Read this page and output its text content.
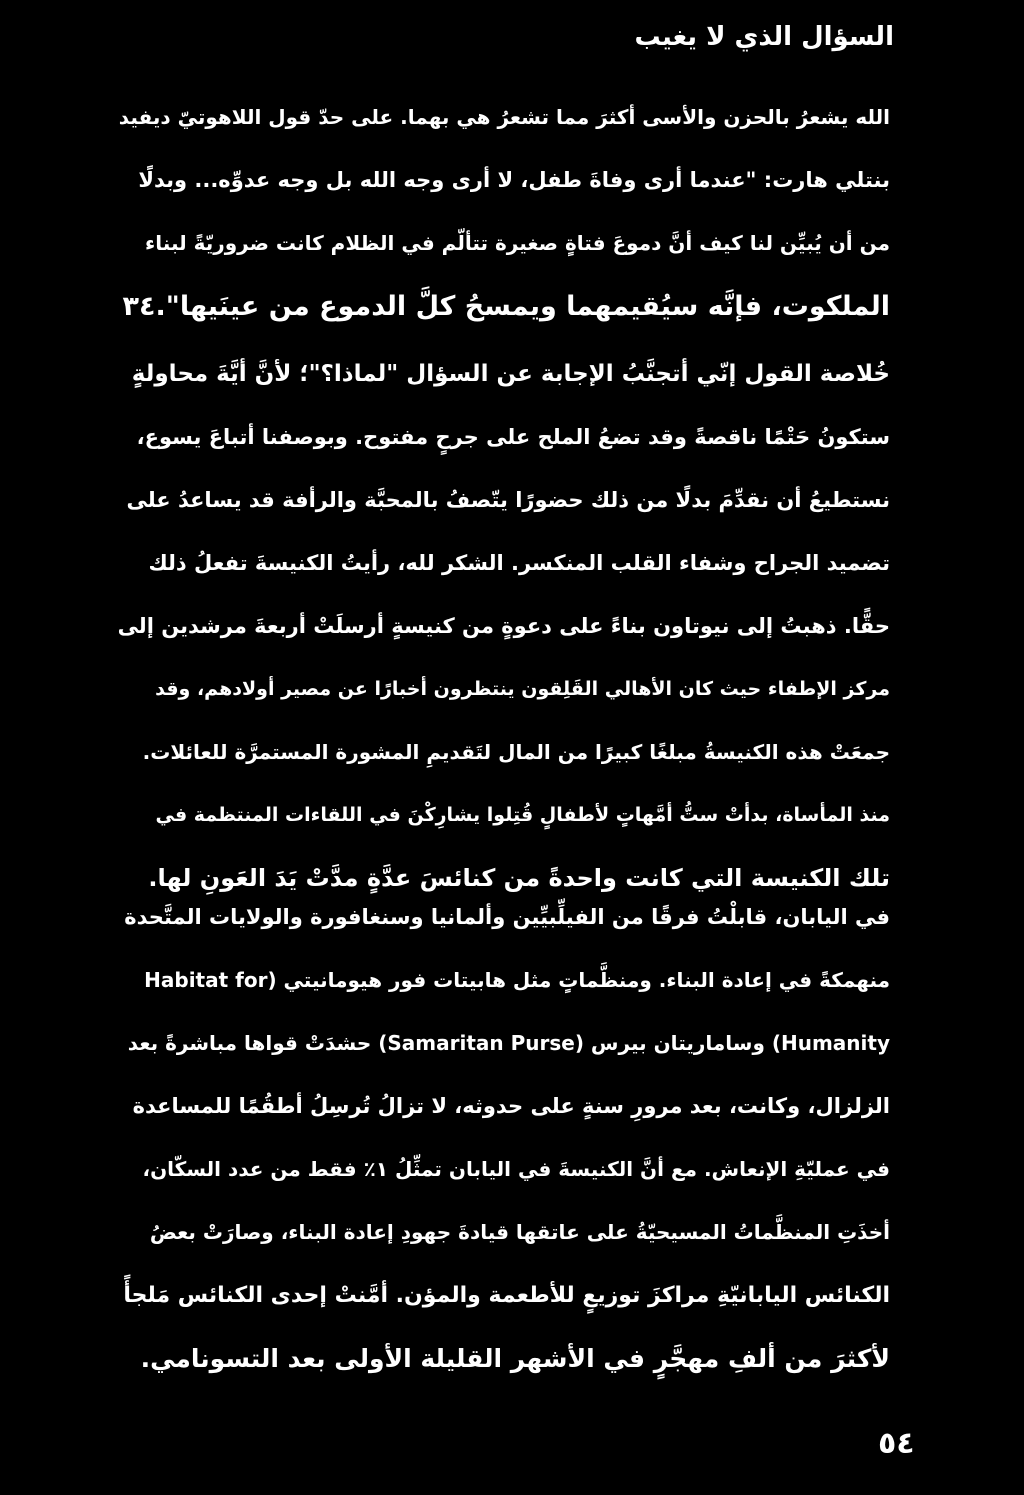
السؤال الذي لا يغيب
الله يشعرُ بالحزن والأسى أكثرَ مما تشعرُ هي بهما. على حدّ قول اللاهوتيّ ديفيد
بنتلي هارت: "عندما أرى وفاةَ طفل، لا أرى وجه الله بل وجه عدوِّه... وبدلًا
من أن يُبيِّن لنا كيف أنَّ دموعَ فتاةٍ صغيرة تتألّم في الظلام كانت ضروريّةً لبناء
الملكوت، فإنَّه سيُقيمهما ويمسحُ كلَّ الدموع من عينَيها".٣٤
خُلاصة القول إنّي أتجنَّبُ الإجابة عن السؤال "لماذا؟"؛ لأنَّ أيَّةَ محاولةٍ
ستكونُ حَتْمًا ناقصةً وقد تضعُ الملح على جرحٍ مفتوح. وبوصفنا أتباعَ يسوع،
نستطيعُ أن نقدِّمَ بدلًا من ذلك حضورًا يتّصفُ بالمحبَّة والرأفة قد يساعدُ على
تضميد الجراح وشفاء القلب المنكسر. الشكر لله، رأيتُ الكنيسةَ تفعلُ ذلك
حقًّا. ذهبتُ إلى نيوتاون بناءً على دعوةٍ من كنيسةٍ أرسلَتْ أربعةَ مرشدين إلى
مركز الإطفاء حيث كان الأهالي القَلِقون ينتظرون أخبارًا عن مصير أولادهم، وقد
جمعَتْ هذه الكنيسةُ مبلغًا كبيرًا من المال لتَقديمِ المشورة المستمرَّة للعائلات.
منذ المأساة، بدأتْ ستُّ أمَّهاتٍ لأطفالٍ قُتِلوا يشارِكْنَ في اللقاءات المنتظمة في
تلك الكنيسة التي كانت واحدةً من كنائسَ عدَّةٍ مدَّتْ يَدَ العَونِ لها.
في اليابان، قابلْتُ فرقًا من الفيلِّبيِّين وألمانيا وسنغافورة والولايات المتَّحدة
منهمكةً في إعادة البناء. ومنظَّماتٍ مثل هابيتات فور هيومانيتي (Habitat for
Humanity) وساماريتان بيرس (Samaritan Purse) حشدَتْ قواها مباشرةً بعد
الزلزال، وكانت، بعد مرورِ سنةٍ على حدوثه، لا تزالُ تُرسِلُ أطقُمًا للمساعدة
في عمليّةِ الإنعاش. مع أنَّ الكنيسةَ في اليابان تمثِّلُ ١٪ فقط من عدد السكّان،
أخذَتِ المنظَّماتُ المسيحيّةُ على عاتقها قيادةَ جهودِ إعادة البناء، وصارَتْ بعضُ
الكنائس اليابانيّةِ مراكزَ توزيعٍ للأطعمة والمؤن. أمَّنتْ إحدى الكنائس مَلجأً
لأكثرَ من ألفِ مهجَّرٍ في الأشهر القليلة الأولى بعد التسونامي.
٥٤
